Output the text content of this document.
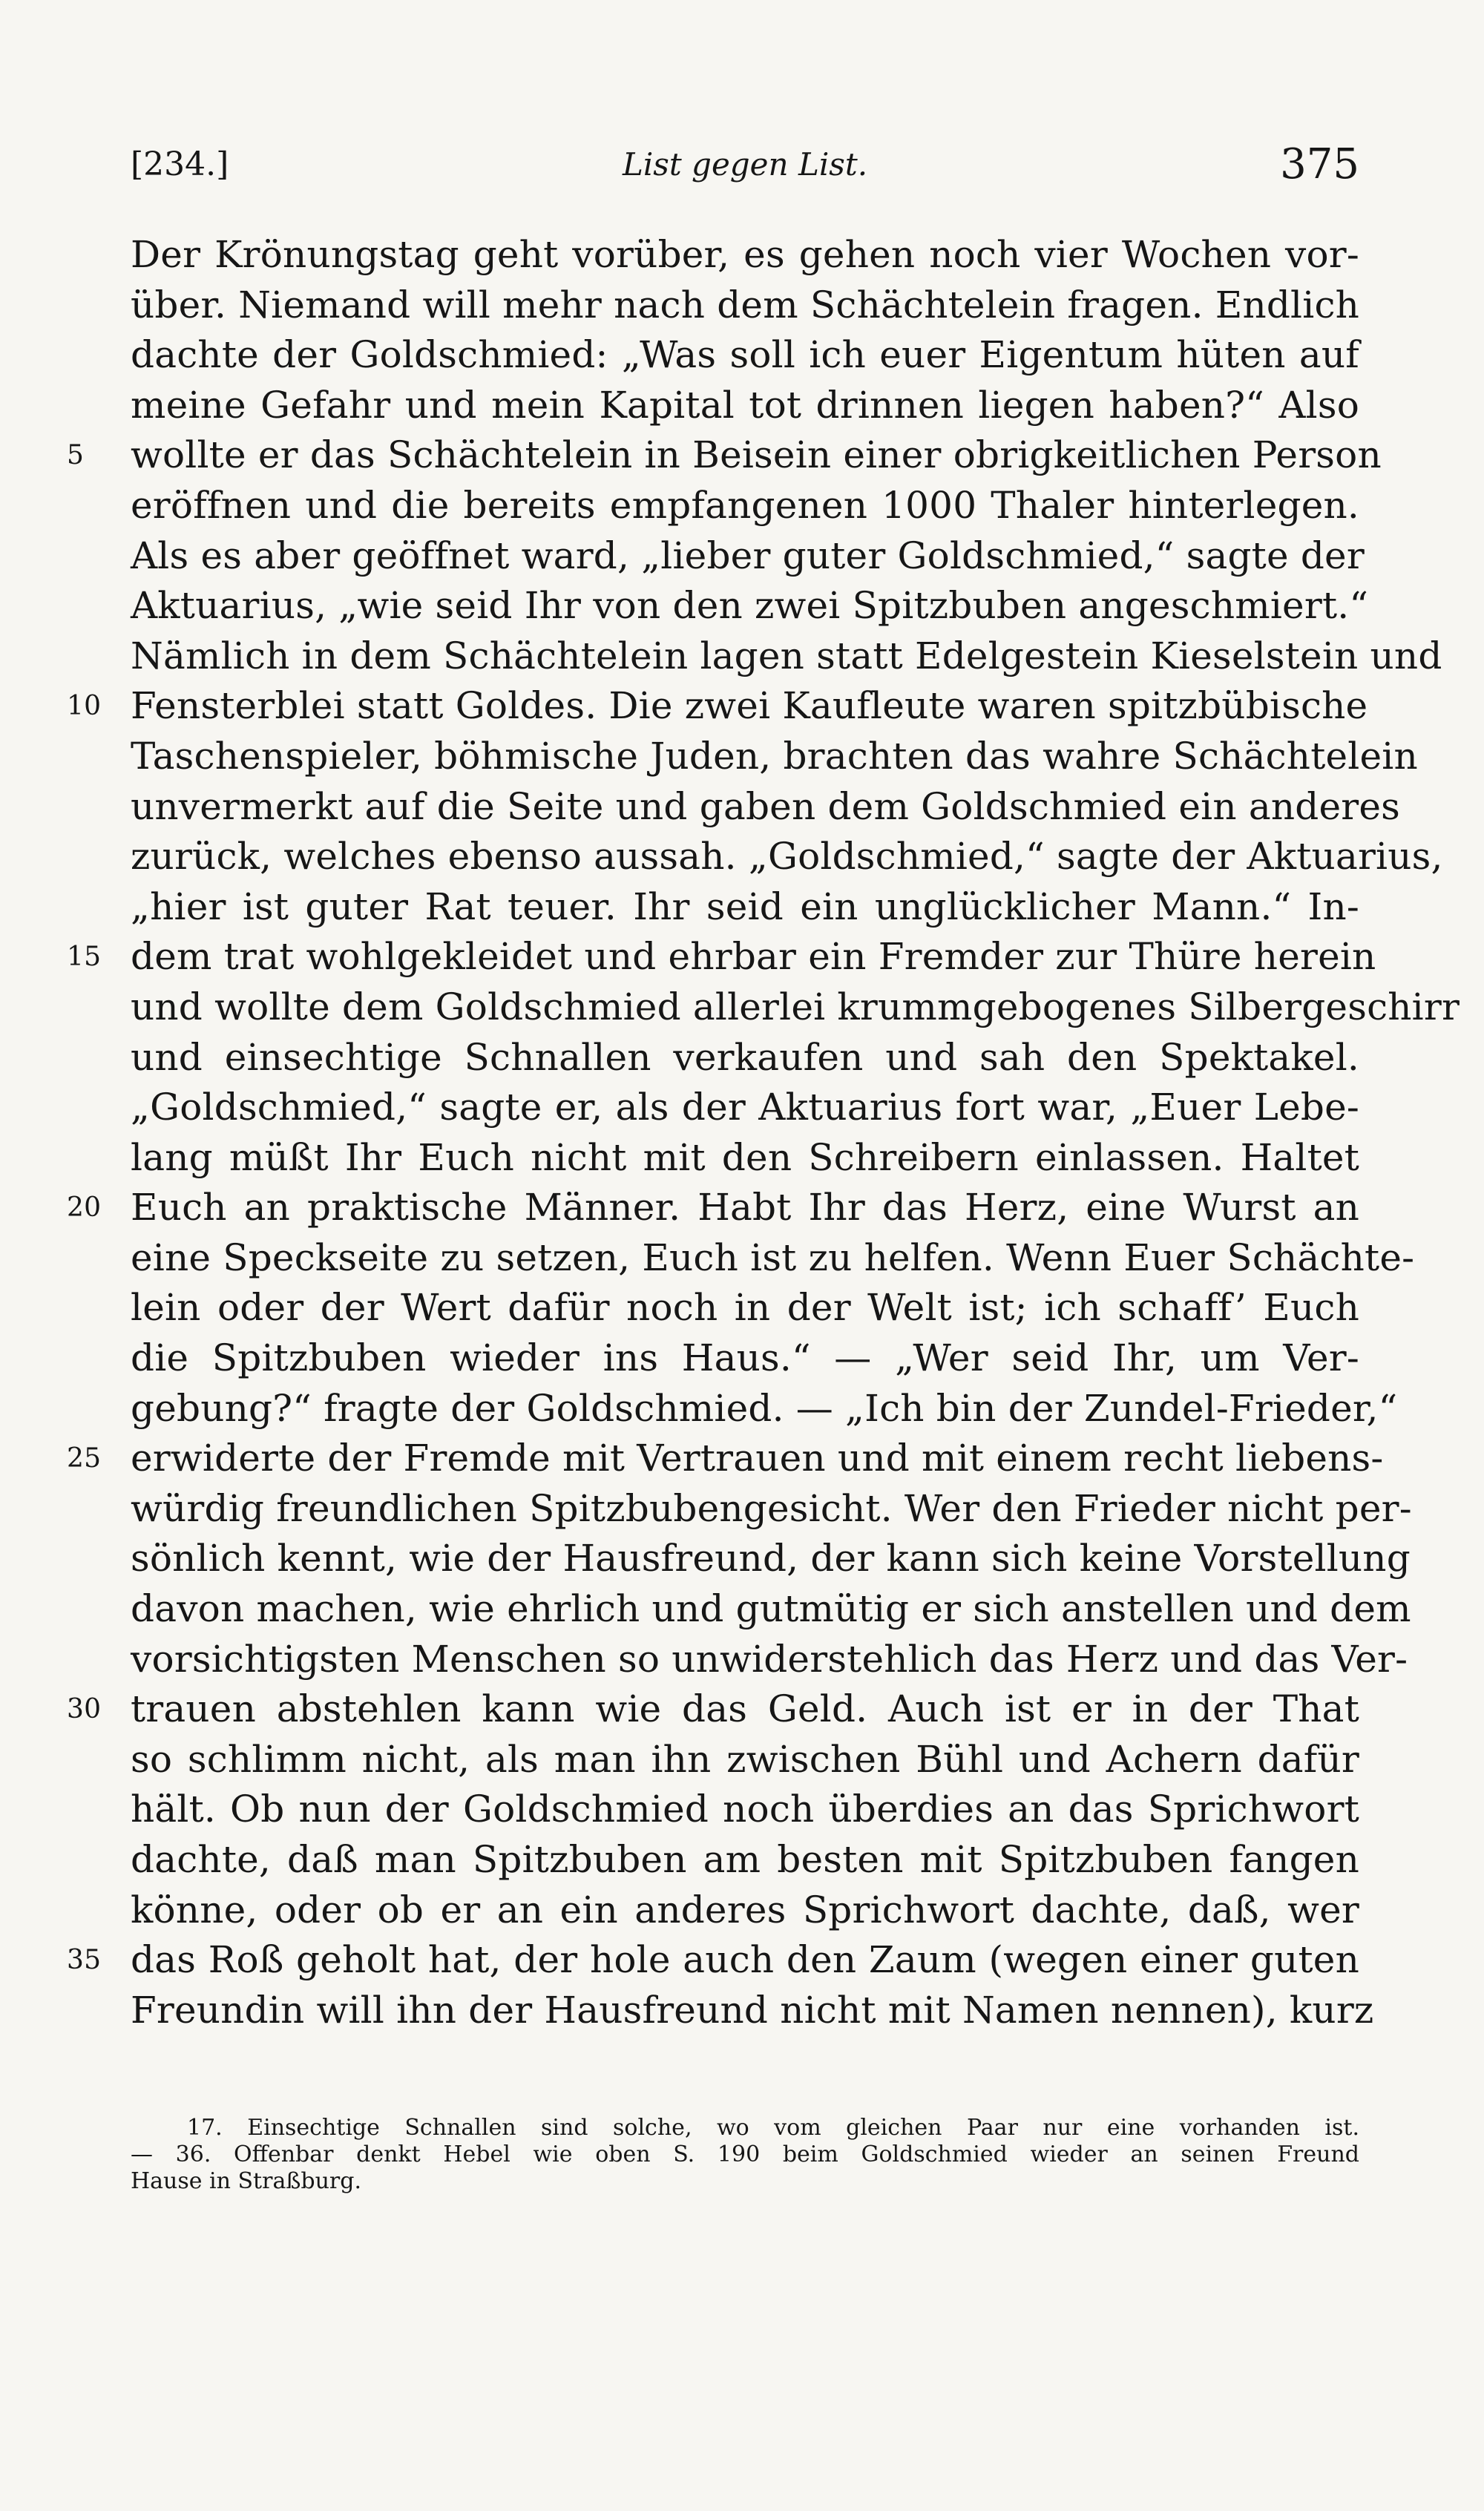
[234.]	List gegen List.	375
Der Krönungstag geht vorüber, es gehen noch vier Wochen vor-
über. Niemand will mehr nach dem Schächtelein fragen. Endlich
dachte der Goldschmied: „Was soll ich euer Eigentum hüten auf
meine Gefahr und mein Kapital tot drinnen liegen haben?“ Also
5	wollte er das Schächtelein in Beisein einer obrigkeitlichen Person
eröffnen und die bereits empfangenen 1000 Thaler hinterlegen.
Als es aber geöffnet ward, „lieber guter Goldschmied,“ sagte der
Aktuarius, „wie seid Ihr von den zwei Spitzbuben angeschmiert.“
Nämlich in dem Schächtelein lagen statt Edelgestein Kieselstein und
10 Fensterblei statt Goldes. Die zwei Kaufleute waren spitzbübische
Taschenspieler, böhmische Juden, brachten das wahre Schächtelein
unvermerkt auf die Seite und gaben dem Goldschmied ein anderes
zurück, welches ebenso aussah. „Goldschmied,“ sagte der Aktuarius,
„hier ist guter Rat teuer. Ihr seid ein unglücklicher Mann.“ In-
15 dem trat wohlgekleidet und ehrbar ein Fremder zur Thüre herein
und wollte dem Goldschmied allerlei krummgebogenes Silbergeschirr
und einsechtige Schnallen verkaufen und sah den Spektakel.
„Goldschmied,“ sagte er, als der Aktuarius fort war, „Euer Lebe-
lang müßt Ihr Euch nicht mit den Schreibern einlassen. Haltet
20 Euch an praktische Männer. Habt Ihr das Herz, eine Wurst an
eine Speckseite zu setzen, Euch ist zu helfen. Wenn Euer Schächte-
lein oder der Wert dafür noch in der Welt ist; ich schaff’ Euch
die Spitzbuben wieder ins Haus.“ — „Wer seid Ihr, um Ver-
gebung?“ fragte der Goldschmied. — „Ich bin der Zundel-Frieder,“
25 erwiderte der Fremde mit Vertrauen und mit einem recht liebens-
würdig freundlichen Spitzbubengesicht. Wer den Frieder nicht per-
sönlich kennt, wie der Hausfreund, der kann sich keine Vorstellung
davon machen, wie ehrlich und gutmütig er sich anstellen und dem
vorsichtigsten Menschen so unwiderstehlich das Herz und das Ver-
30 trauen abstehlen kann wie das Geld. Auch ist er in der That
so schlimm nicht, als man ihn zwischen Bühl und Achern dafür
hält. Ob nun der Goldschmied noch überdies an das Sprichwort
dachte, daß man Spitzbuben am besten mit Spitzbuben fangen
könne, oder ob er an ein anderes Sprichwort dachte, daß, wer
35 das Roß geholt hat, der hole auch den Zaum (wegen einer guten
Freundin will ihn der Hausfreund nicht mit Namen nennen), kurz
17. Einsechtige Schnallen sind solche, wo vom gleichen Paar nur eine vorhanden ist.
— 36. Offenbar denkt Hebel wie oben S. 190 beim Goldschmied wieder an seinen Freund
Hause in Straßburg.
